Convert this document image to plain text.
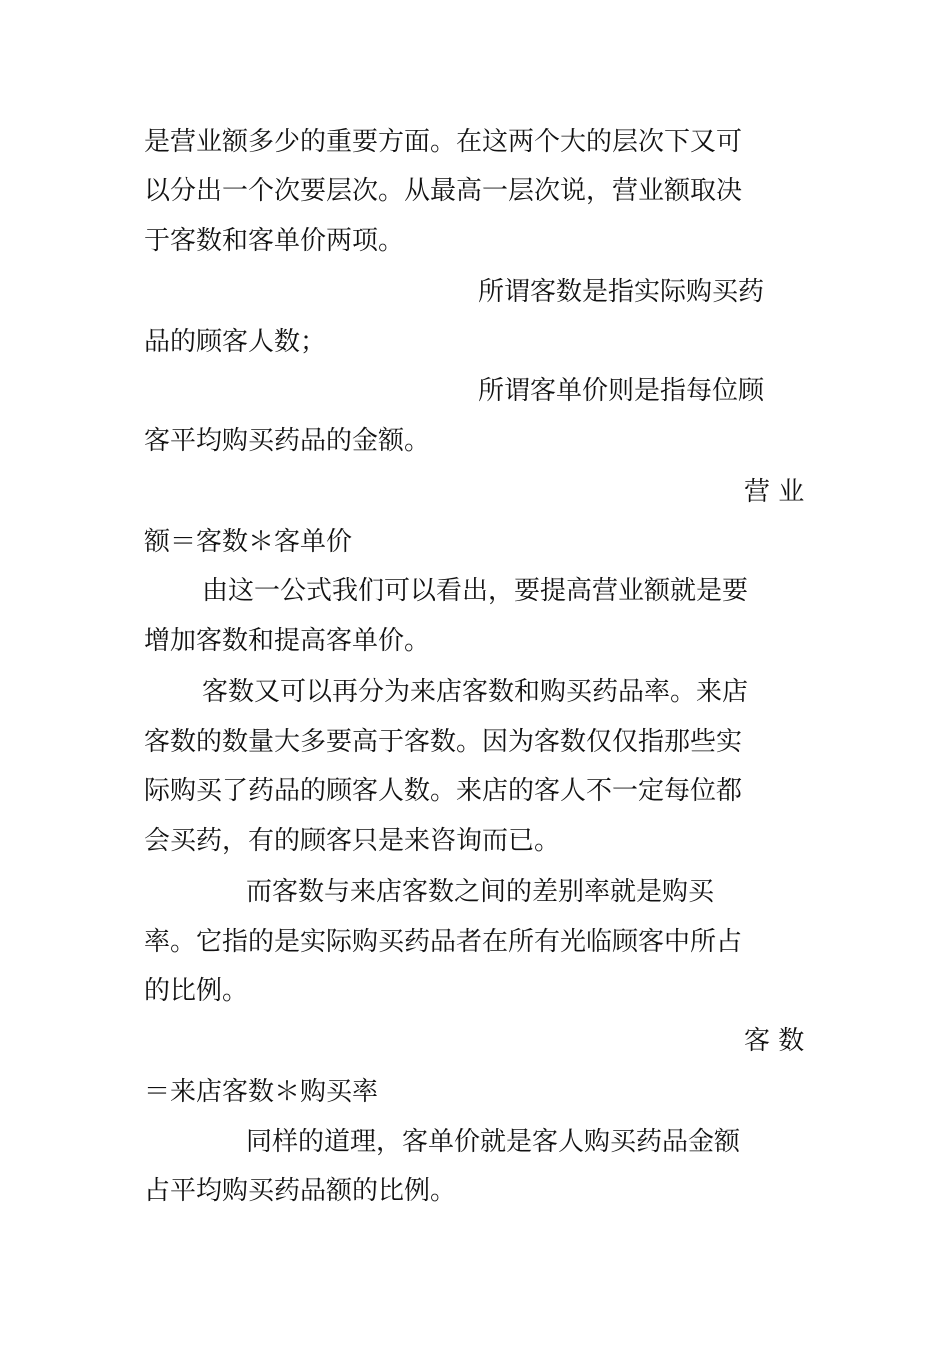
是营业额多少的重要方面。在这两个大的层次下又可
以分出一个次要层次。从最高一层次说，营业额取决
于客数和客单价两项。
所谓客数是指实际购买药
品的顾客人数；
所谓客单价则是指每位顾
客平均购买药品的金额。
营 业
额＝客数＊客单价
由这一公式我们可以看出，要提高营业额就是要
增加客数和提高客单价。
客数又可以再分为来店客数和购买药品率。来店
客数的数量大多要高于客数。因为客数仅仅指那些实
际购买了药品的顾客人数。来店的客人不一定每位都
会买药，有的顾客只是来咨询而已。
而客数与来店客数之间的差别率就是购买
率。它指的是实际购买药品者在所有光临顾客中所占
的比例。
客 数
＝来店客数＊购买率
同样的道理，客单价就是客人购买药品金额
占平均购买药品额的比例。
